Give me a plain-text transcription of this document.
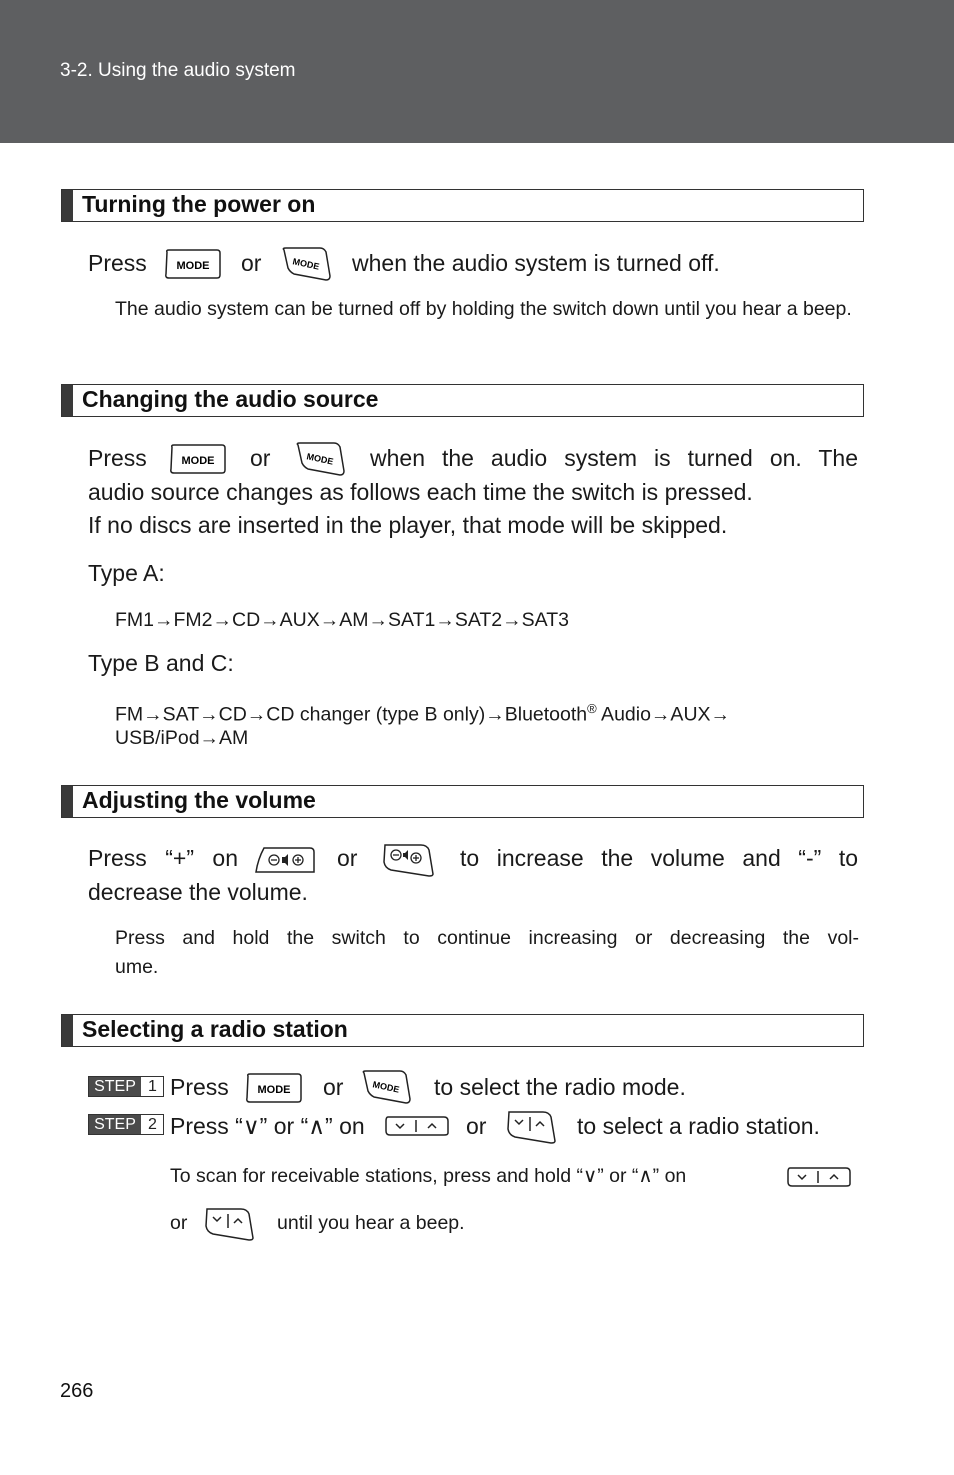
3-2. Using the audio system
Turning the power on
Press	MODE or	MODE when the audio system is turned off.
The audio system can be turned off by holding the switch down until you hear a beep.
Changing the audio source
Press	MODE or	MODE when the audio system is turned on. The
audio source changes as follows each time the switch is pressed.
If no discs are inserted in the player, that mode will be skipped.
Type A:
FM1→FM2→CD→AUX→AM→SAT1→SAT2→SAT3
Type B and C:
FM→SAT→CD→CD changer (type B only)→Bluetooth® Audio→AUX→
USB/iPod→AM
Adjusting the volume
Press “+” on	or	to increase the volume and “-” to
decrease the volume.
Press and hold the switch to continue increasing or decreasing the vol-
ume.
Selecting a radio station
STEP 1 Press	MODE or	MODE to select the radio mode.
STEP 2 Press “∨” or “∧” on	or	to select a radio station.
To scan for receivable stations, press and hold “∨” or “∧” on
or	until you hear a beep.
266
